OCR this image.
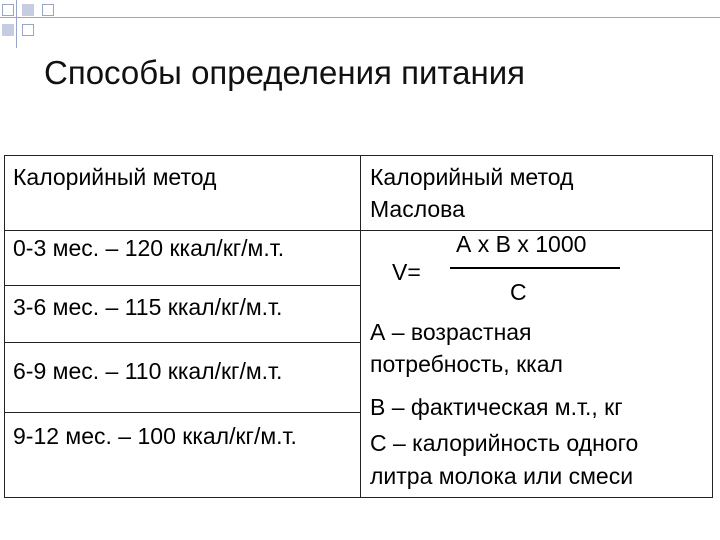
Способы определения питания
Калорийный метод
0-3 мес. – 120 ккал/кг/м.т.
3-6 мес. – 115 ккал/кг/м.т.
6-9 мес. – 110 ккал/кг/м.т.
9-12 мес. – 100 ккал/кг/м.т.
Калорийный метод
Маслова
V=
А х В х 1000
С
А – возрастная
потребность, ккал
В – фактическая м.т., кг
С – калорийность одного
литра молока или смеси
